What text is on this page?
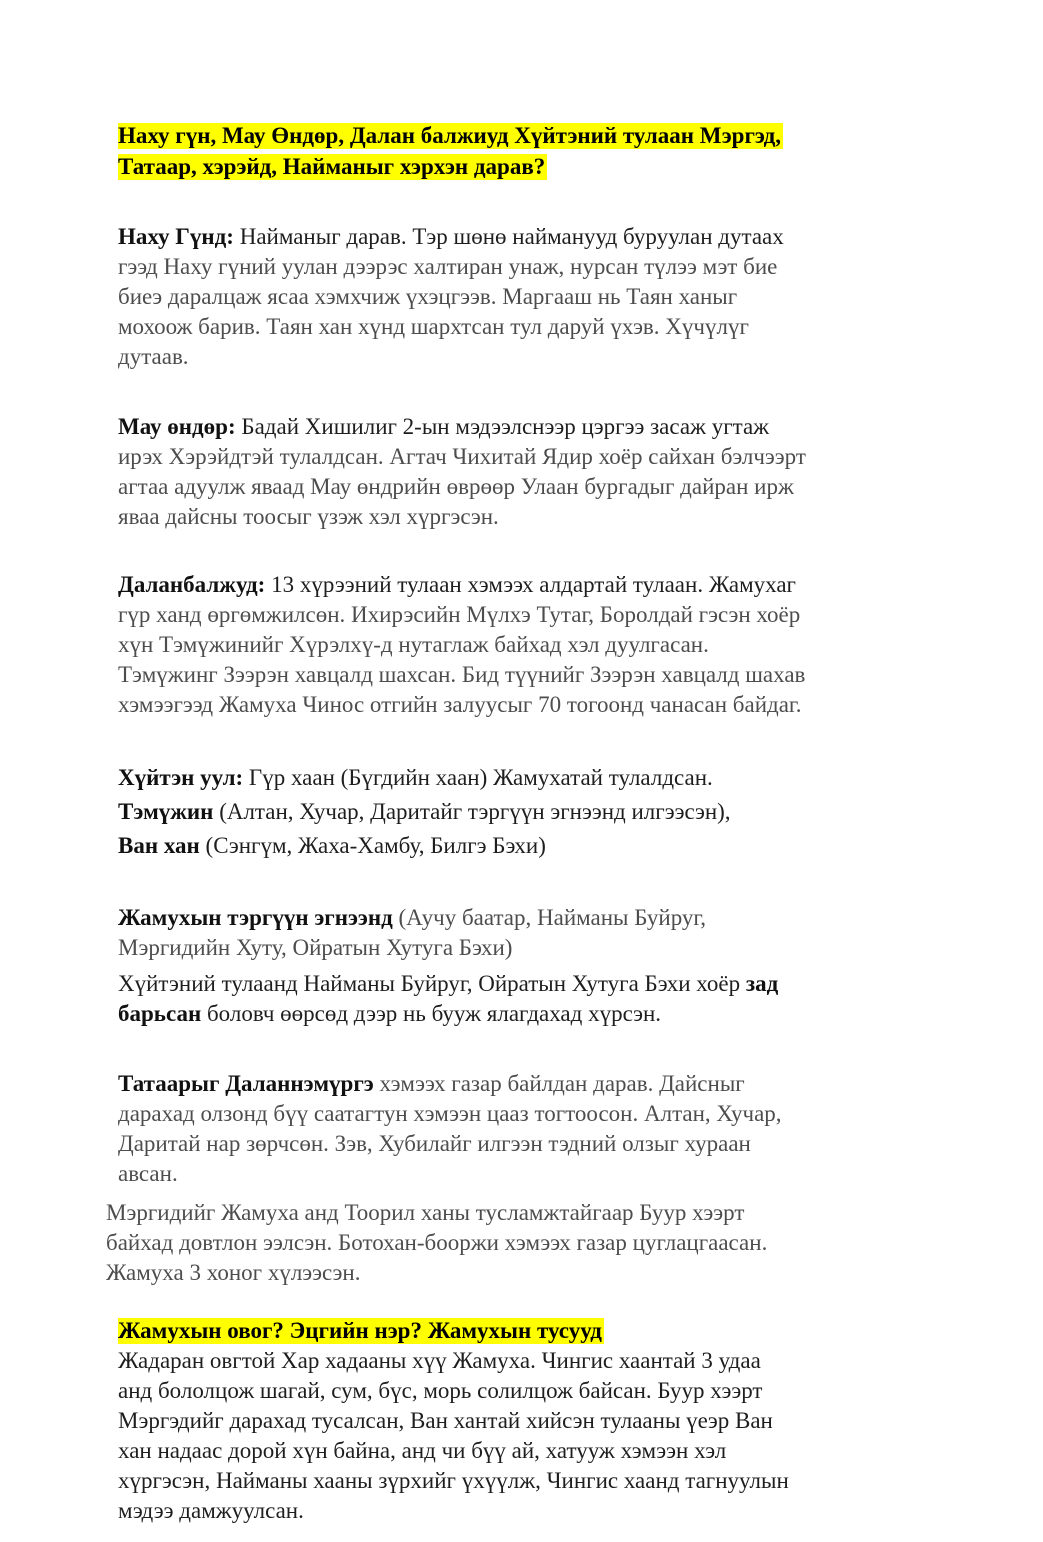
Наху гүн, Мау Өндөр, Далан балжиуд Хүйтэний тулаан Мэргэд,
Татаар, хэрэйд, Найманыг хэрхэн дарав?
Наху Гүнд: Найманыг дарав. Тэр шөнө найманууд буруулан дутаах
гээд Наху гүний уулан дээрэс халтиран унаж, нурсан түлээ мэт бие
биеэ даралцаж ясаа хэмхчиж үхэцгээв. Маргааш нь Таян ханыг
мохоож барив. Таян хан хүнд шархтсан тул даруй үхэв. Хүчүлүг
дутаав.
Мау өндөр: Бадай Хишилиг 2-ын мэдээлснээр цэргээ засаж угтаж
ирэх Хэрэйдтэй тулалдсан. Агтач Чихитай Ядир хоёр сайхан бэлчээрт
агтаа адуулж яваад Мау өндрийн өврөөр Улаан бургадыг дайран ирж
яваа дайсны тоосыг үзэж хэл хүргэсэн.
Даланбалжуд: 13 хүрээний тулаан хэмээх алдартай тулаан. Жамухаг
гүр ханд өргөмжилсөн. Ихирэсийн Мүлхэ Тутаг, Боролдай гэсэн хоёр
хүн Тэмүжинийг Хүрэлхү-д нутаглаж байхад хэл дуулгасан.
Тэмүжинг Зээрэн хавцалд шахсан. Бид түүнийг Зээрэн хавцалд шахав
хэмээгээд Жамуха Чинос отгийн залуусыг 70 тогоонд чанасан байдаг.
Хүйтэн уул: Гүр хаан (Бүгдийн хаан) Жамухатай тулалдсан.
Тэмүжин (Алтан, Хучар, Даритайг тэргүүн эгнээнд илгээсэн),
Ван хан (Сэнгүм, Жаха-Хамбу, Билгэ Бэхи)
Жамухын тэргүүн эгнээнд (Аучу баатар, Найманы Буйруг,
Мэргидийн Хуту, Ойратын Хутуга Бэхи)
Хүйтэний тулаанд Найманы Буйруг, Ойратын Хутуга Бэхи хоёр зад
барьсан боловч өөрсөд дээр нь бууж ялагдахад хүрсэн.
Татаарыг Даланнэмүргэ хэмээх газар байлдан дарав. Дайсныг
дарахад олзонд бүү саатагтун хэмээн цааз тогтоосон. Алтан, Хучар,
Даритай нар зөрчсөн. Зэв, Хубилайг илгээн тэдний олзыг хураан
авсан.
Мэргидийг Жамуха анд Тоорил ханы тусламжтайгаар Буур хээрт
байхад довтлон ээлсэн. Ботохан-бооржи хэмээх газар цуглацгаасан.
Жамуха 3 хоног хүлээсэн.
Жамухын овог? Эцгийн нэр? Жамухын тусууд
Жадаран овгтой Хар хадааны хүү Жамуха. Чингис хаантай 3 удаа
анд бололцож шагай, сум, бүс, морь солилцож байсан. Буур хээрт
Мэргэдийг дарахад тусалсан, Ван хантай хийсэн тулааны үеэр Ван
хан надаас дорой хүн байна, анд чи бүү ай, хатууж хэмээн хэл
хүргэсэн, Найманы хааны зүрхийг үхүүлж, Чингис хаанд тагнуулын
мэдээ дамжуулсан.
